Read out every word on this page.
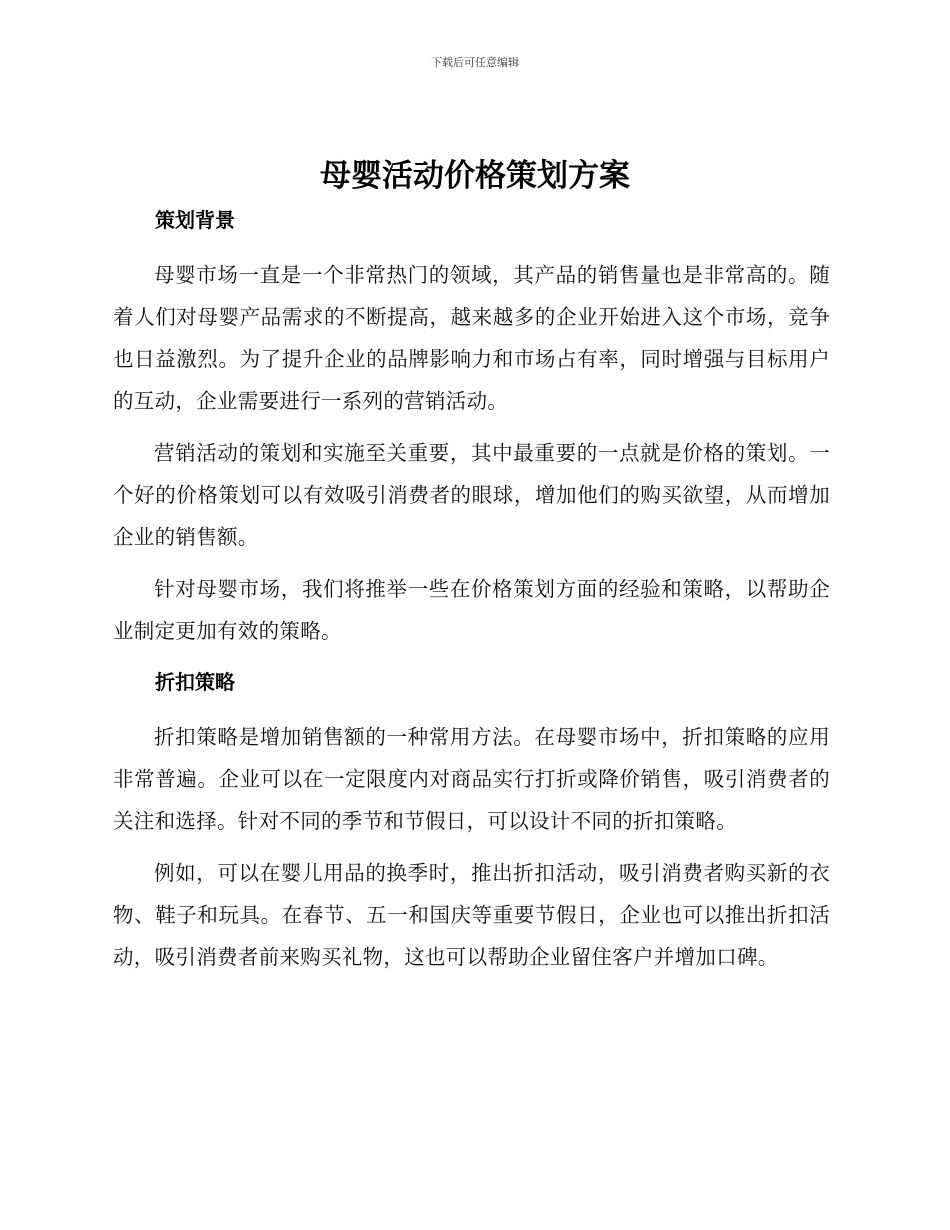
下载后可任意编辑
母婴活动价格策划方案
策划背景

母婴市场一直是一个非常热门的领域，其产品的销售量也是非常高的。随着人们对母婴产品需求的不断提高，越来越多的企业开始进入这个市场，竞争也日益激烈。为了提升企业的品牌影响力和市场占有率，同时增强与目标用户的互动，企业需要进行一系列的营销活动。

营销活动的策划和实施至关重要，其中最重要的一点就是价格的策划。一个好的价格策划可以有效吸引消费者的眼球，增加他们的购买欲望，从而增加企业的销售额。

针对母婴市场，我们将推举一些在价格策划方面的经验和策略，以帮助企业制定更加有效的策略。

折扣策略

折扣策略是增加销售额的一种常用方法。在母婴市场中，折扣策略的应用非常普遍。企业可以在一定限度内对商品实行打折或降价销售，吸引消费者的关注和选择。针对不同的季节和节假日，可以设计不同的折扣策略。

例如，可以在婴儿用品的换季时，推出折扣活动，吸引消费者购买新的衣物、鞋子和玩具。在春节、五一和国庆等重要节假日，企业也可以推出折扣活动，吸引消费者前来购买礼物，这也可以帮助企业留住客户并增加口碑。
